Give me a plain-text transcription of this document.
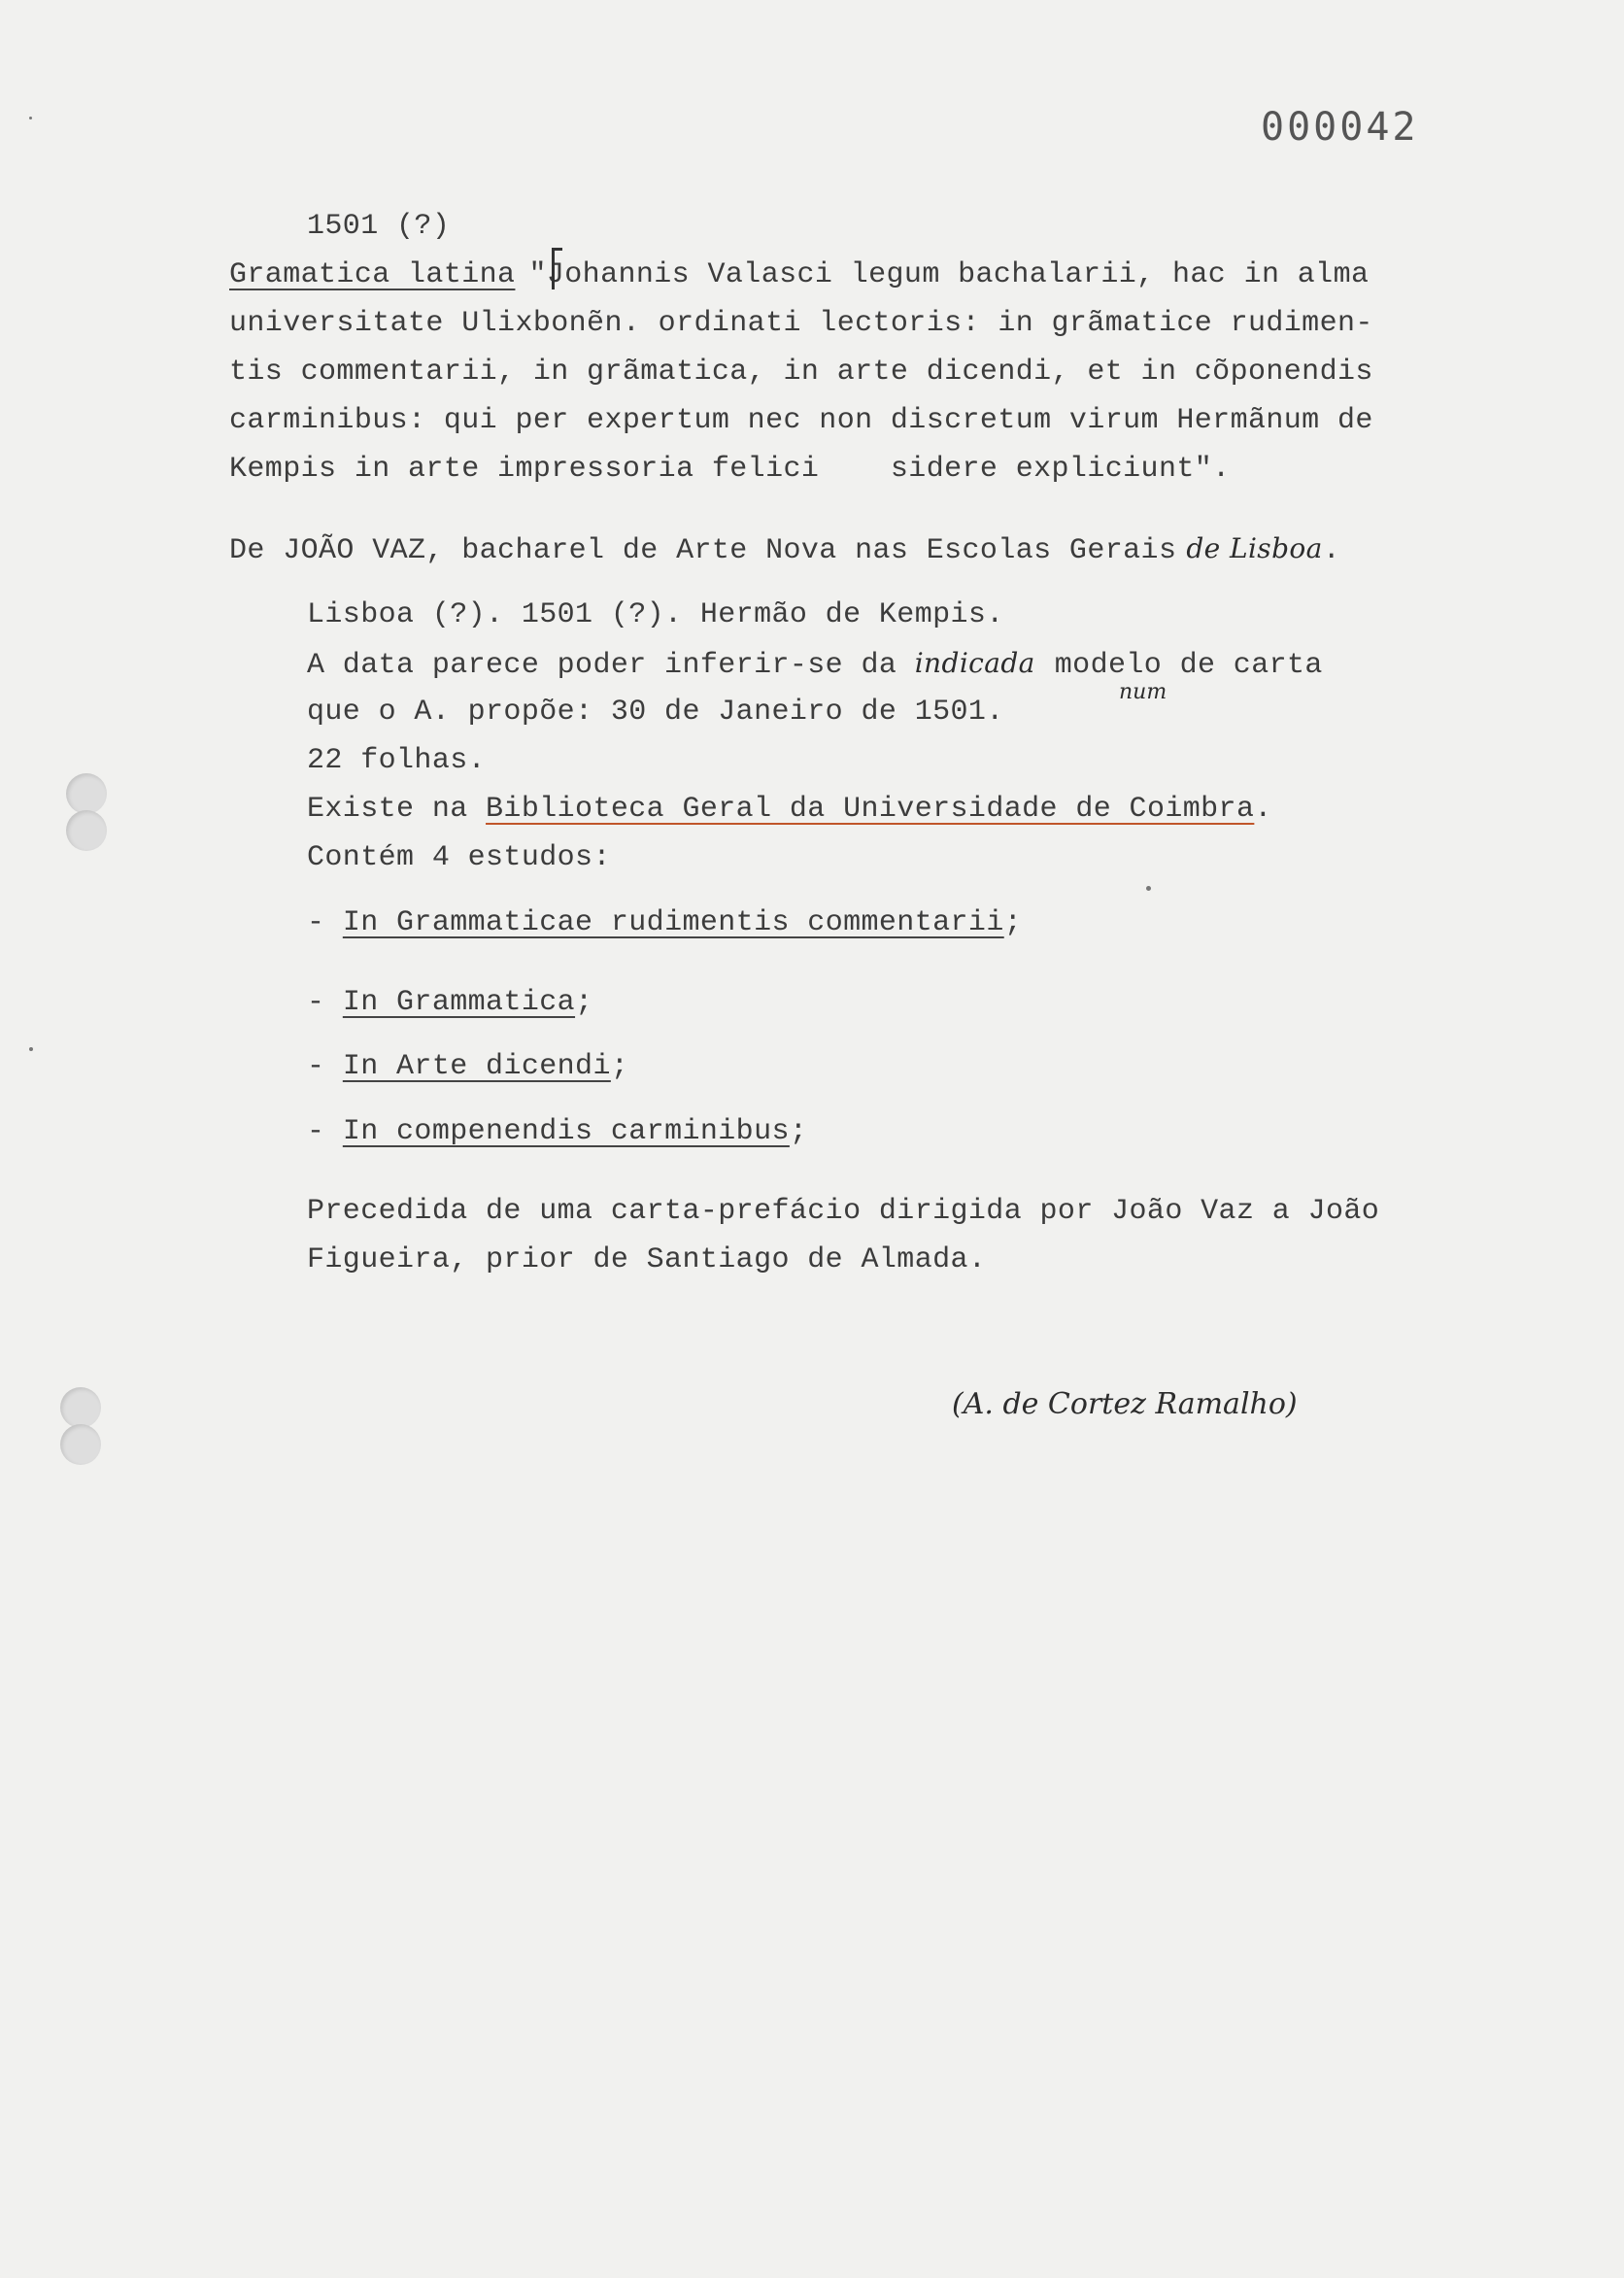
000042

1501 (?)

Gramatica latina "Johannis Valasci legum bachalarii, hac in alma

universitate Ulixbonẽn. ordinati lectoris: in grãmatice rudimen-

tis commentarii, in grãmatica, in arte dicendi, et in cõponendis

carminibus: qui per expertum nec non discretum virum Hermãnum de

Kempis in arte impressoria felici    sidere expliciunt".

De JOÃO VAZ, bacharel de Arte Nova nas Escolas Gerais de Lisboa.

Lisboa (?). 1501 (?). Hermão de Kempis.

A data parece poder inferir-se da indicada modelo de carta

num

que o A. propõe: 30 de Janeiro de 1501.

22 folhas.

Existe na Biblioteca Geral da Universidade de Coimbra.

Contém 4 estudos:

- In Grammaticae rudimentis commentarii;

- In Grammatica;

- In Arte dicendi;

- In compenendis carminibus;

Precedida de uma carta-prefácio dirigida por João Vaz a João

Figueira, prior de Santiago de Almada.

(A. de Cortez Ramalho)
